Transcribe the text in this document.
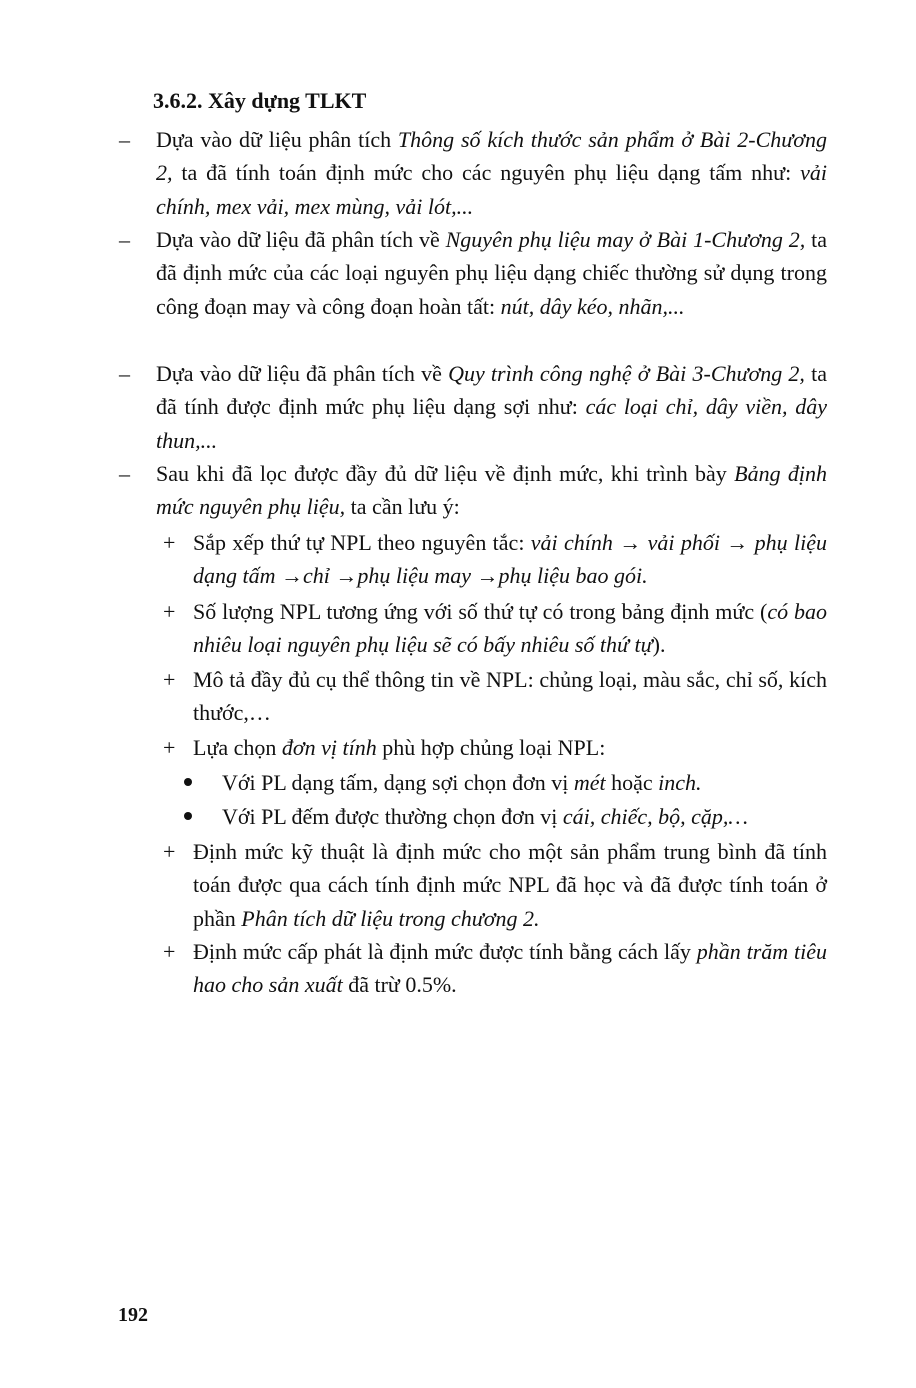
3.6.2. Xây dựng TLKT
– Dựa vào dữ liệu phân tích Thông số kích thước sản phẩm ở Bài 2-Chương 2, ta đã tính toán định mức cho các nguyên phụ liệu dạng tấm như: vải chính, mex vải, mex mùng, vải lót,...

– Dựa vào dữ liệu đã phân tích về Nguyên phụ liệu may ở Bài 1-Chương 2, ta đã định mức của các loại nguyên phụ liệu dạng chiếc thường sử dụng trong công đoạn may và công đoạn hoàn tất: nút, dây kéo, nhãn,...

– Dựa vào dữ liệu đã phân tích về Quy trình công nghệ ở Bài 3-Chương 2, ta đã tính được định mức phụ liệu dạng sợi như: các loại chỉ, dây viền, dây thun,...

– Sau khi đã lọc được đầy đủ dữ liệu về định mức, khi trình bày Bảng định mức nguyên phụ liệu, ta cần lưu ý:

+ Sắp xếp thứ tự NPL theo nguyên tắc: vải chính → vải phối → phụ liệu dạng tấm →chỉ →phụ liệu may →phụ liệu bao gói.

+ Số lượng NPL tương ứng với số thứ tự có trong bảng định mức (có bao nhiêu loại nguyên phụ liệu sẽ có bấy nhiêu số thứ tự).

+ Mô tả đầy đủ cụ thể thông tin về NPL: chủng loại, màu sắc, chỉ số, kích thước,…

+ Lựa chọn đơn vị tính phù hợp chủng loại NPL:

Với PL dạng tấm, dạng sợi chọn đơn vị mét hoặc inch.

Với PL đếm được thường chọn đơn vị cái, chiếc, bộ, cặp,…

+ Định mức kỹ thuật là định mức cho một sản phẩm trung bình đã tính toán được qua cách tính định mức NPL đã học và đã được tính toán ở phần Phân tích dữ liệu trong chương 2.

+ Định mức cấp phát là định mức được tính bằng cách lấy phần trăm tiêu hao cho sản xuất đã trừ 0.5%.

192
